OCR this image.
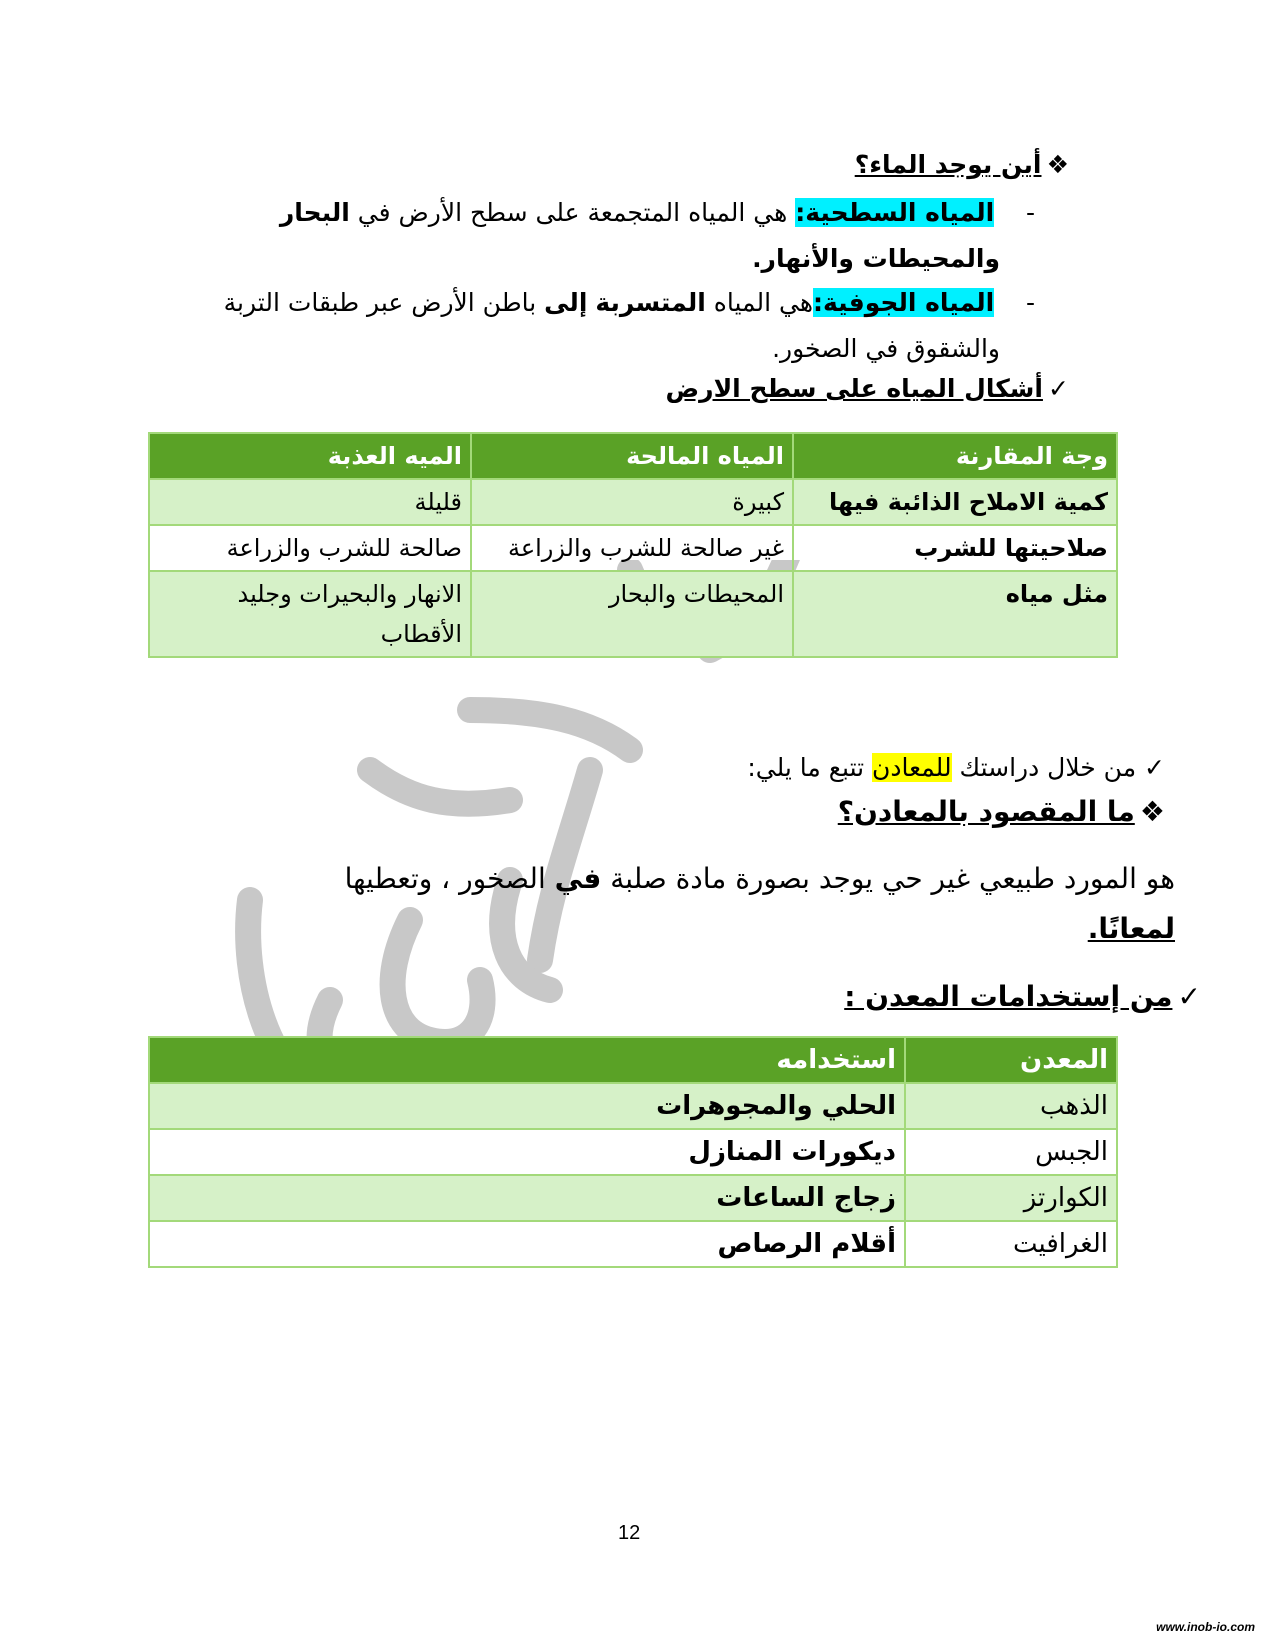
❖ أين يوجد الماء؟
-    المياه السطحية: هي المياه المتجمعة على سطح الأرض في البحار
والمحيطات والأنهار.
-    المياه الجوفية:هي المياه المتسربة إلى باطن الأرض عبر طبقات التربة
والشقوق في الصخور.
✓ أشكال المياه على سطح الارض
وجة المقارنة	المياه المالحة	الميه العذبة
كمية الاملاح الذائبة فيها	كبيرة	قليلة
صلاحيتها للشرب	غير صالحة للشرب والزراعة	صالحة للشرب والزراعة
مثل مياه	المحيطات والبحار	الانهار والبحيرات وجليد الأقطاب
✓ من خلال دراستك للمعادن تتبع ما يلي:
❖ ما المقصود بالمعادن؟
هو المورد طبيعي غير حي يوجد بصورة مادة صلبة في الصخور ، وتعطيها
لمعانًا.
✓ من إستخدامات المعدن :
المعدن	استخدامه
الذهب	الحلي والمجوهرات
الجبس	ديكورات المنازل
الكوارتز	زجاج الساعات
الغرافيت	أقلام الرصاص
12
www.inob-io.com
